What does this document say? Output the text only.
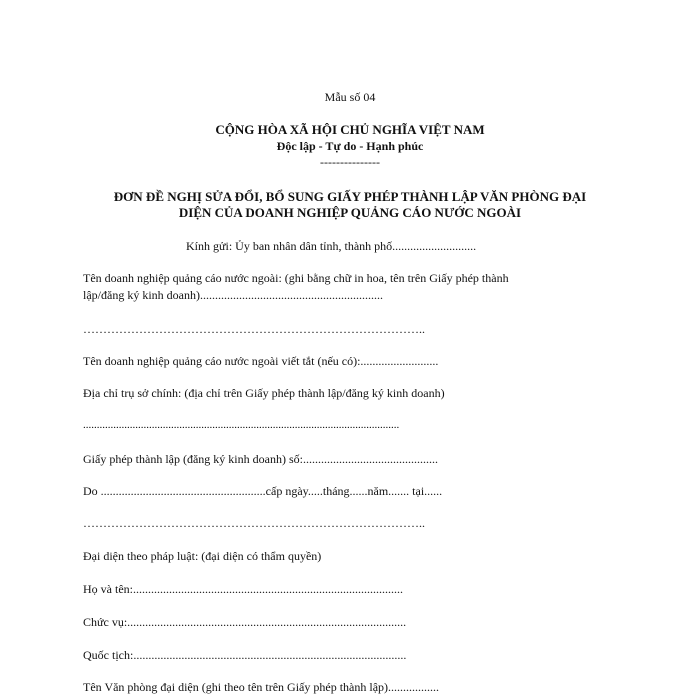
Mẫu số 04
CỘNG HÒA XÃ HỘI CHỦ NGHĨA VIỆT NAM
Độc lập - Tự do - Hạnh phúc
---------------
ĐƠN ĐỀ NGHỊ SỬA ĐỔI, BỔ SUNG GIẤY PHÉP THÀNH LẬP VĂN PHÒNG ĐẠI
DIỆN CỦA DOANH NGHIỆP QUẢNG CÁO NƯỚC NGOÀI
Kính gửi: Ủy ban nhân dân tỉnh, thành phố............................
Tên doanh nghiệp quảng cáo nước ngoài: (ghi bằng chữ in hoa, tên trên Giấy phép thành
lập/đăng ký kinh doanh).............................................................
…………………………………………………………………………..
Tên doanh nghiệp quảng cáo nước ngoài viết tắt (nếu có):..........................
Địa chỉ trụ sở chính: (địa chỉ trên Giấy phép thành lập/đăng ký kinh doanh)
...................................................................................................................
Giấy phép thành lập (đăng ký kinh doanh) số:.............................................
Do .......................................................cấp ngày.....tháng......năm....... tại......
…………………………………………………………………………..
Đại diện theo pháp luật: (đại diện có thẩm quyền)
Họ và tên:..........................................................................................
Chức vụ:.............................................................................................
Quốc tịch:...........................................................................................
Tên Văn phòng đại diện (ghi theo tên trên Giấy phép thành lập).................
